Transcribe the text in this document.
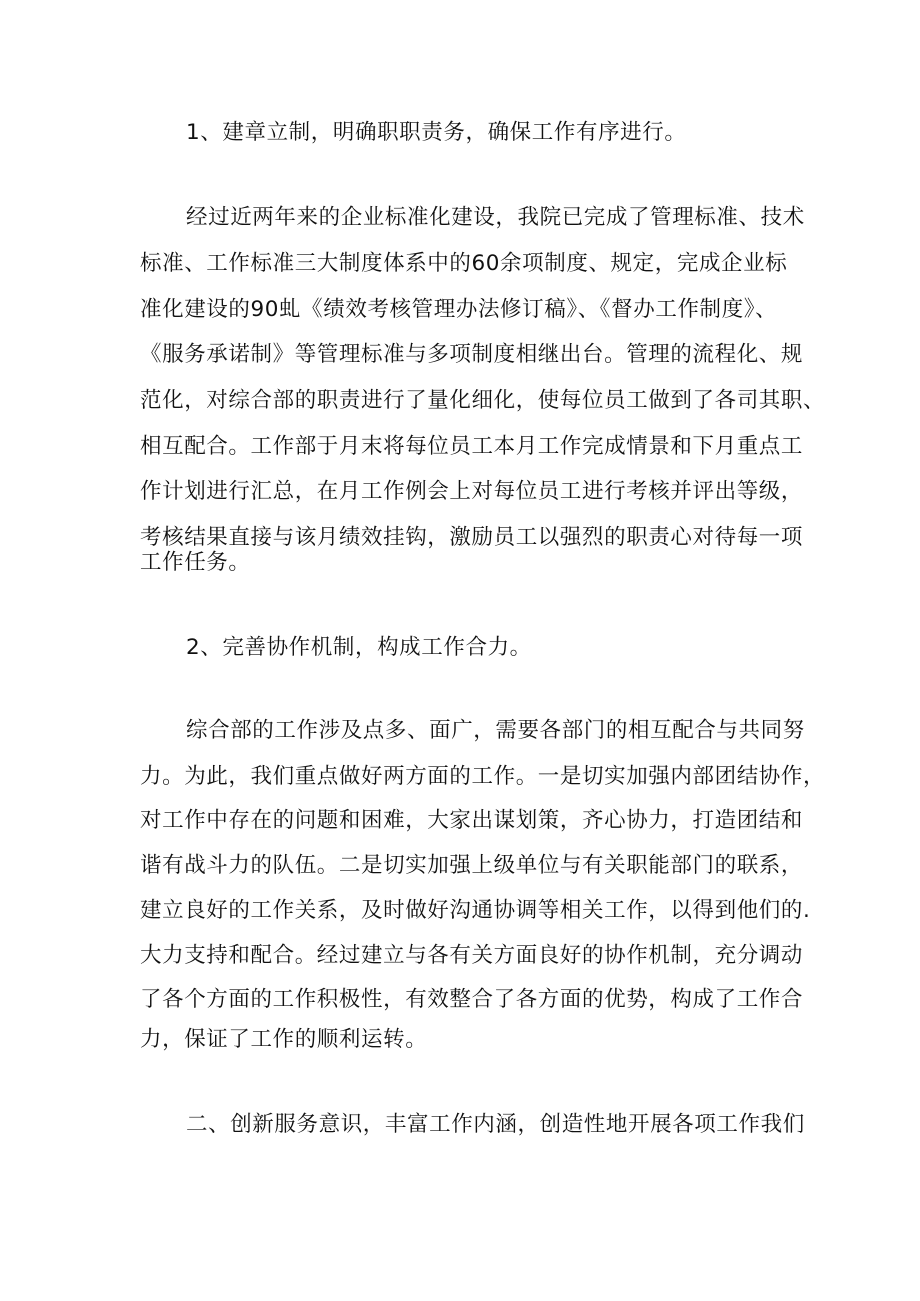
1、建章立制，明确职职责务，确保工作有序进行。
经过近两年来的企业标准化建设，我院已完成了管理标准、技术
标准、工作标准三大制度体系中的60余项制度、规定，完成企业标
准化建设的90虬《绩效考核管理办法修订稿》、《督办工作制度》、
《服务承诺制》等管理标准与多项制度相继出台。管理的流程化、规
范化，对综合部的职责进行了量化细化，使每位员工做到了各司其职、
相互配合。工作部于月末将每位员工本月工作完成情景和下月重点工
作计划进行汇总，在月工作例会上对每位员工进行考核并评出等级，
考核结果直接与该月绩效挂钩，激励员工以强烈的职责心对待每一项
工作任务。
2、完善协作机制，构成工作合力。
综合部的工作涉及点多、面广，需要各部门的相互配合与共同努
力。为此，我们重点做好两方面的工作。一是切实加强内部团结协作，
对工作中存在的问题和困难，大家出谋划策，齐心协力，打造团结和
谐有战斗力的队伍。二是切实加强上级单位与有关职能部门的联系，
建立良好的工作关系，及时做好沟通协调等相关工作，以得到他们的.
大力支持和配合。经过建立与各有关方面良好的协作机制，充分调动
了各个方面的工作积极性，有效整合了各方面的优势，构成了工作合
力，保证了工作的顺利运转。
二、创新服务意识，丰富工作内涵，创造性地开展各项工作我们
